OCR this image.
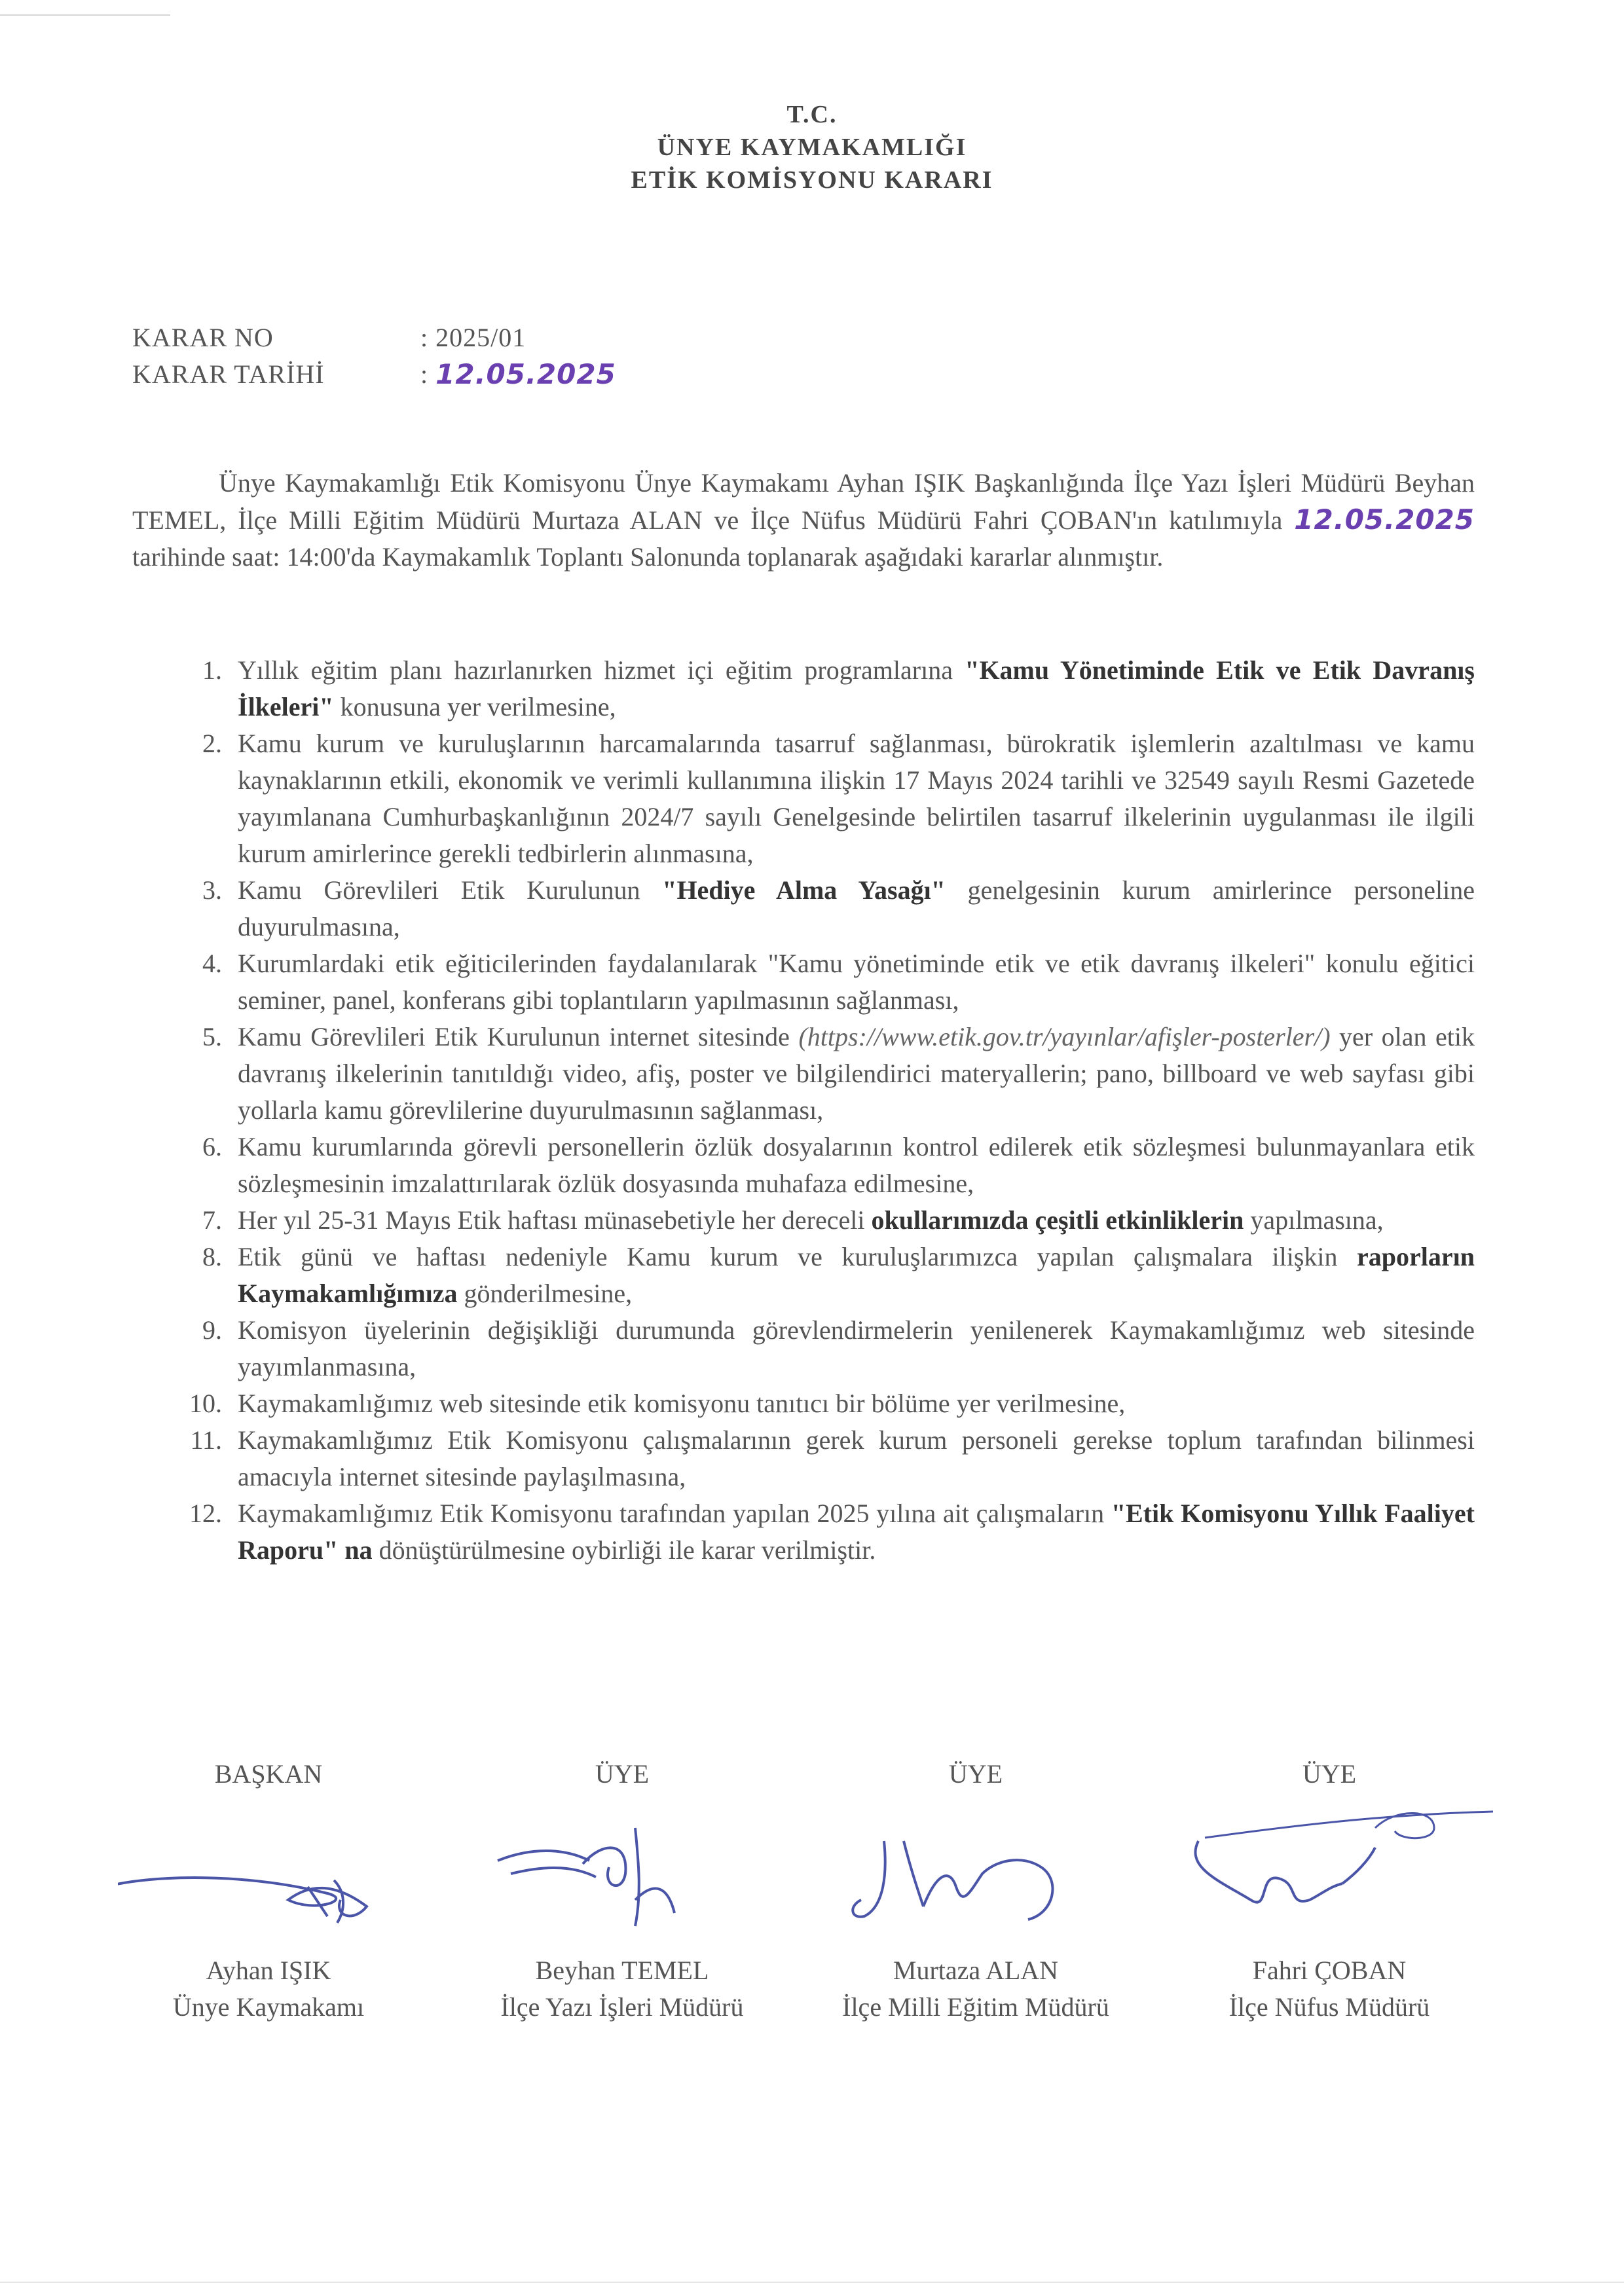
T.C.
ÜNYE KAYMAKAMLIĞI
ETİK KOMİSYONU KARARI
KARAR NO	: 2025/01
KARAR TARİHİ	: 12.05.2025

Ünye Kaymakamlığı Etik Komisyonu Ünye Kaymakamı Ayhan IŞIK Başkanlığında İlçe Yazı İşleri Müdürü Beyhan TEMEL, İlçe Milli Eğitim Müdürü Murtaza ALAN ve İlçe Nüfus Müdürü Fahri ÇOBAN'ın katılımıyla 12.05.2025 tarihinde saat: 14:00'da Kaymakamlık Toplantı Salonunda toplanarak aşağıdaki kararlar alınmıştır.

1. Yıllık eğitim planı hazırlanırken hizmet içi eğitim programlarına "Kamu Yönetiminde Etik ve Etik Davranış İlkeleri" konusuna yer verilmesine,
2. Kamu kurum ve kuruluşlarının harcamalarında tasarruf sağlanması, bürokratik işlemlerin azaltılması ve kamu kaynaklarının etkili, ekonomik ve verimli kullanımına ilişkin 17 Mayıs 2024 tarihli ve 32549 sayılı Resmi Gazetede yayımlanana Cumhurbaşkanlığının 2024/7 sayılı Genelgesinde belirtilen tasarruf ilkelerinin uygulanması ile ilgili kurum amirlerince gerekli tedbirlerin alınmasına,
3. Kamu Görevlileri Etik Kurulunun "Hediye Alma Yasağı" genelgesinin kurum amirlerince personeline duyurulmasına,
4. Kurumlardaki etik eğiticilerinden faydalanılarak "Kamu yönetiminde etik ve etik davranış ilkeleri" konulu eğitici seminer, panel, konferans gibi toplantıların yapılmasının sağlanması,
5. Kamu Görevlileri Etik Kurulunun internet sitesinde (https://www.etik.gov.tr/yayınlar/afişler-posterler/) yer olan etik davranış ilkelerinin tanıtıldığı video, afiş, poster ve bilgilendirici materyallerin; pano, billboard ve web sayfası gibi yollarla kamu görevlilerine duyurulmasının sağlanması,
6. Kamu kurumlarında görevli personellerin özlük dosyalarının kontrol edilerek etik sözleşmesi bulunmayanlara etik sözleşmesinin imzalattırılarak özlük dosyasında muhafaza edilmesine,
7. Her yıl 25-31 Mayıs Etik haftası münasebetiyle her dereceli okullarımızda çeşitli etkinliklerin yapılmasına,
8. Etik günü ve haftası nedeniyle Kamu kurum ve kuruluşlarımızca yapılan çalışmalara ilişkin raporların Kaymakamlığımıza gönderilmesine,
9. Komisyon üyelerinin değişikliği durumunda görevlendirmelerin yenilenerek Kaymakamlığımız web sitesinde yayımlanmasına,
10. Kaymakamlığımız web sitesinde etik komisyonu tanıtıcı bir bölüme yer verilmesine,
11. Kaymakamlığımız Etik Komisyonu çalışmalarının gerek kurum personeli gerekse toplum tarafından bilinmesi amacıyla internet sitesinde paylaşılmasına,
12. Kaymakamlığımız Etik Komisyonu tarafından yapılan 2025 yılına ait çalışmaların "Etik Komisyonu Yıllık Faaliyet Raporu" na dönüştürülmesine oybirliği ile karar verilmiştir.
BAŞKAN
Ayhan IŞIK
Ünye Kaymakamı
ÜYE
Beyhan TEMEL
İlçe Yazı İşleri Müdürü
ÜYE
Murtaza ALAN
İlçe Milli Eğitim Müdürü
ÜYE
Fahri ÇOBAN
İlçe Nüfus Müdürü
